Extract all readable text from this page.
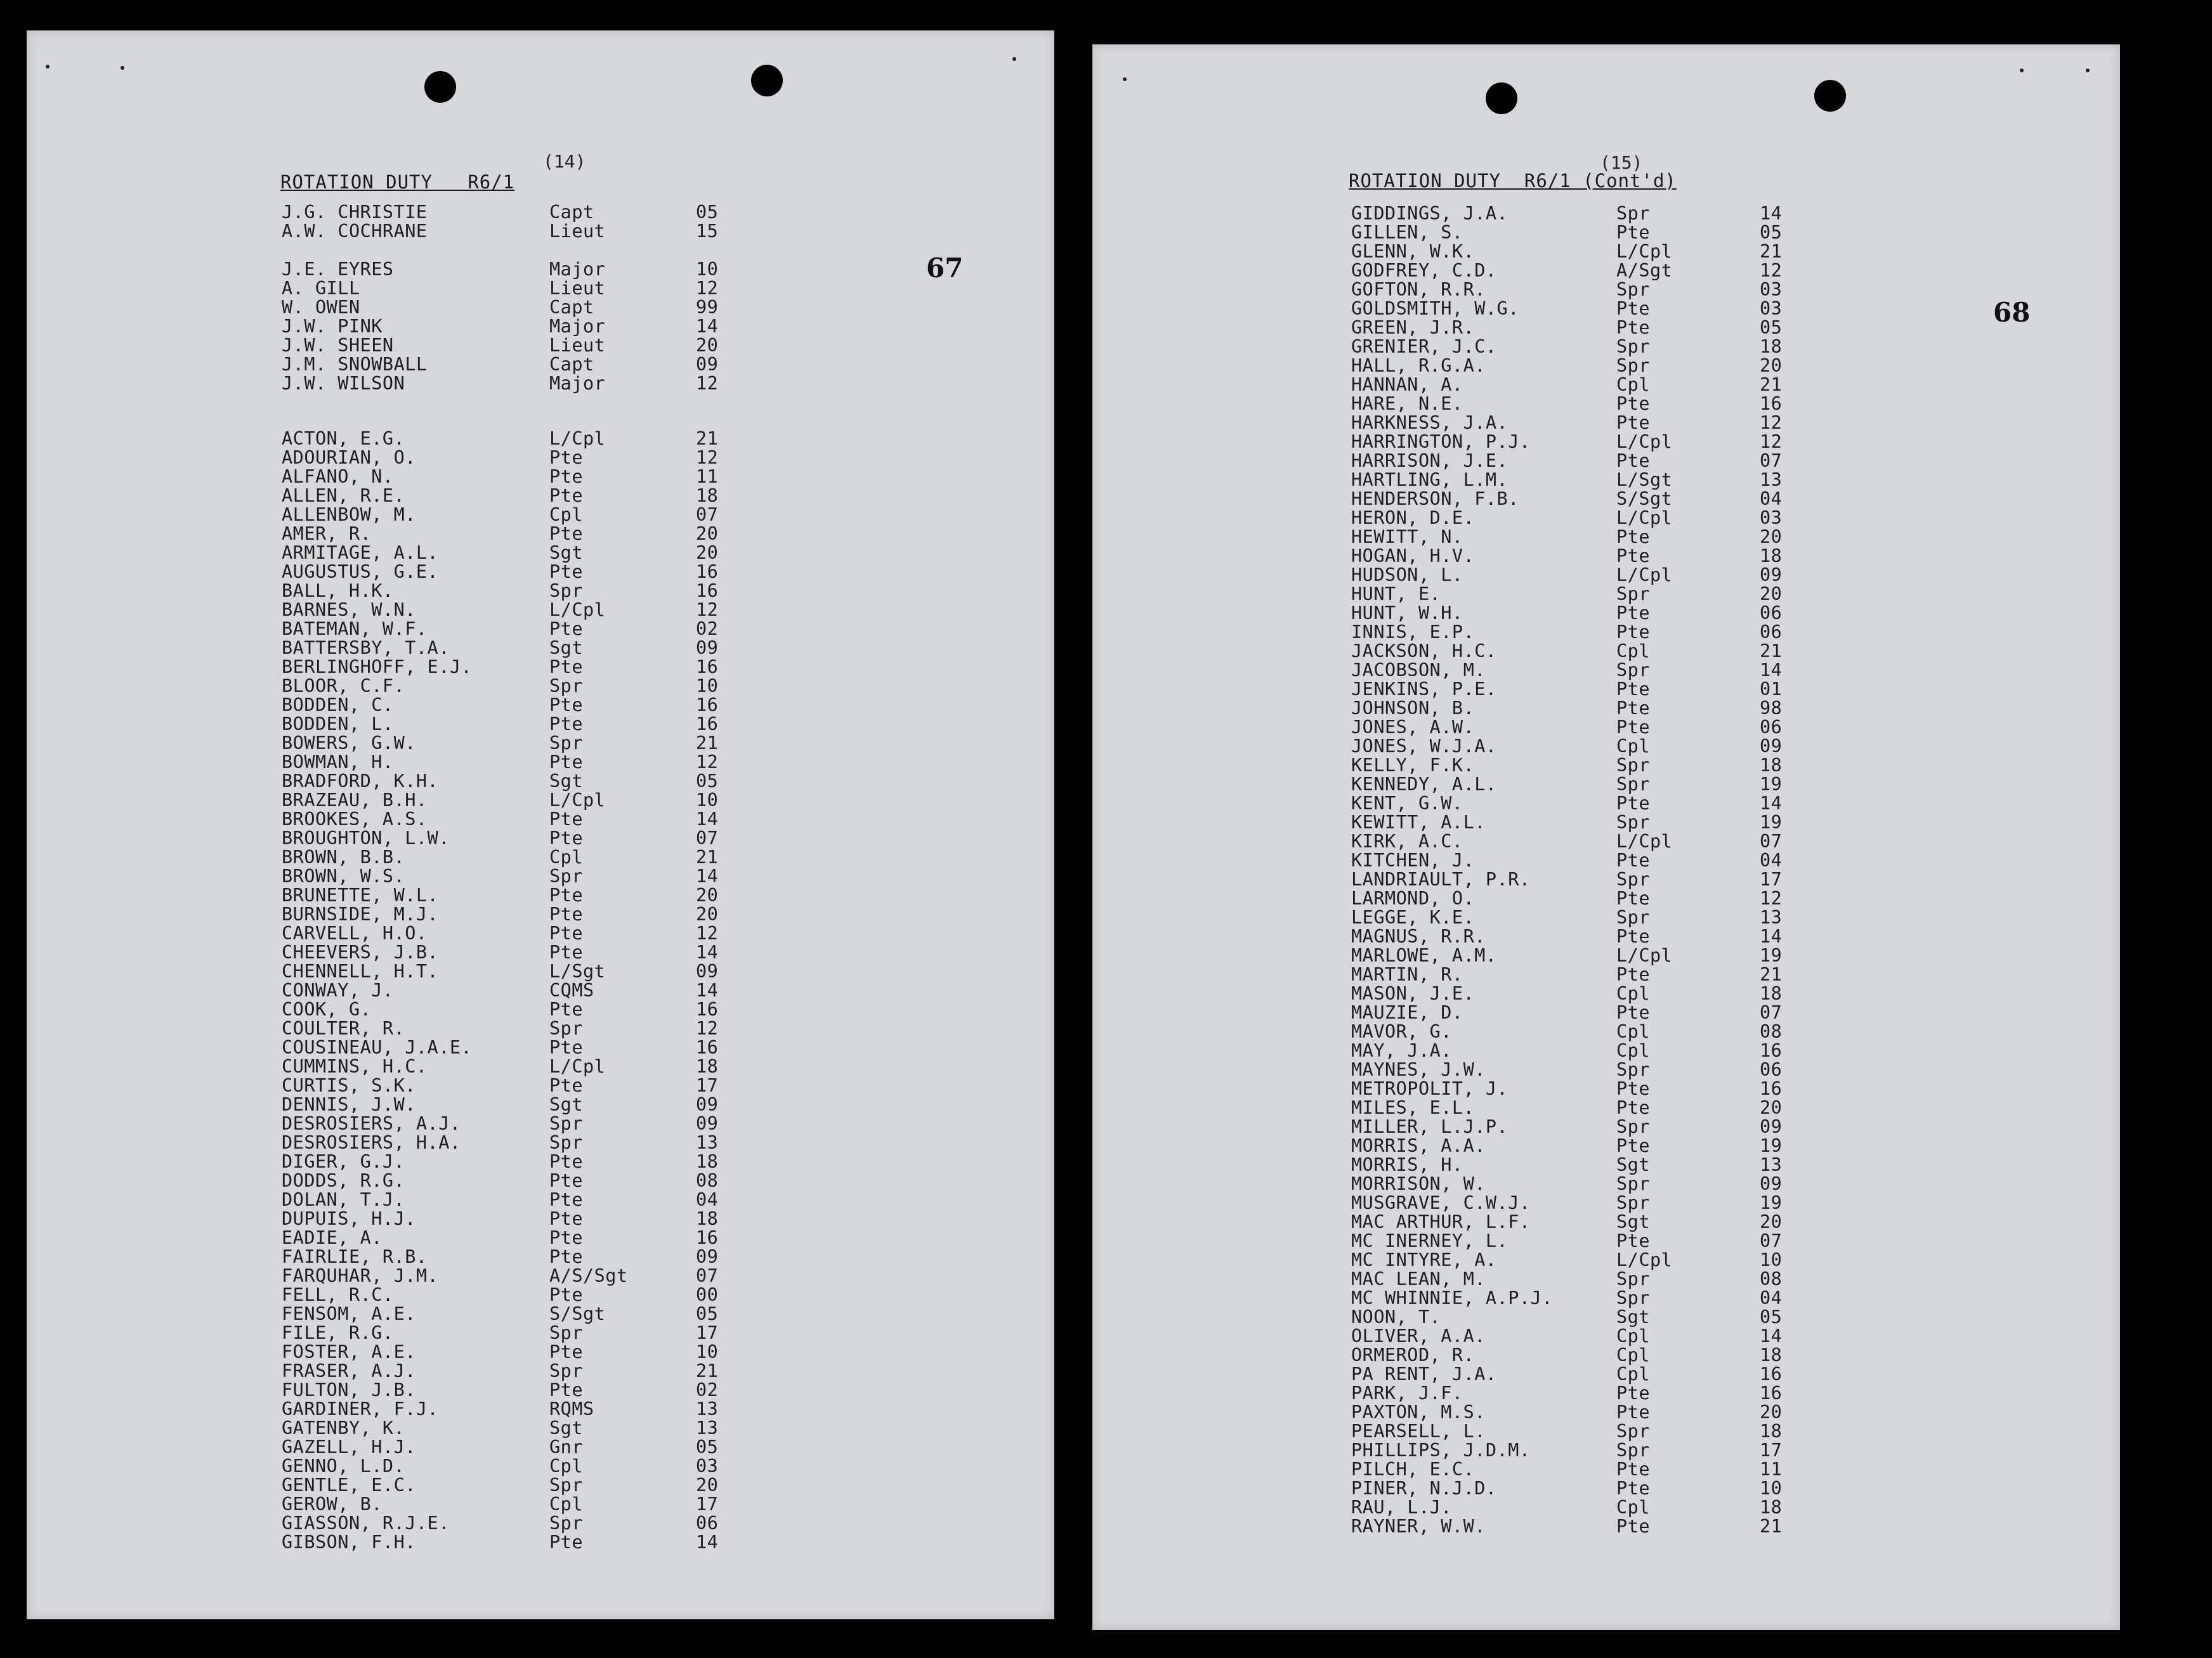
(14)
ROTATION DUTY   R6/1
67
J.G. CHRISTIE	Capt	05
A.W. COCHRANE	Lieut	15
J.E. EYRES	Major	10
A. GILL	Lieut	12
W. OWEN	Capt	99
J.W. PINK	Major	14
J.W. SHEEN	Lieut	20
J.M. SNOWBALL	Capt	09
J.W. WILSON	Major	12
ACTON, E.G.	L/Cpl	21
ADOURIAN, O.	Pte	12
ALFANO, N.	Pte	11
ALLEN, R.E.	Pte	18
ALLENBOW, M.	Cpl	07
AMER, R.	Pte	20
ARMITAGE, A.L.	Sgt	20
AUGUSTUS, G.E.	Pte	16
BALL, H.K.	Spr	16
BARNES, W.N.	L/Cpl	12
BATEMAN, W.F.	Pte	02
BATTERSBY, T.A.	Sgt	09
BERLINGHOFF, E.J.	Pte	16
BLOOR, C.F.	Spr	10
BODDEN, C.	Pte	16
BODDEN, L.	Pte	16
BOWERS, G.W.	Spr	21
BOWMAN, H.	Pte	12
BRADFORD, K.H.	Sgt	05
BRAZEAU, B.H.	L/Cpl	10
BROOKES, A.S.	Pte	14
BROUGHTON, L.W.	Pte	07
BROWN, B.B.	Cpl	21
BROWN, W.S.	Spr	14
BRUNETTE, W.L.	Pte	20
BURNSIDE, M.J.	Pte	20
CARVELL, H.O.	Pte	12
CHEEVERS, J.B.	Pte	14
CHENNELL, H.T.	L/Sgt	09
CONWAY, J.	CQMS	14
COOK, G.	Pte	16
COULTER, R.	Spr	12
COUSINEAU, J.A.E.	Pte	16
CUMMINS, H.C.	L/Cpl	18
CURTIS, S.K.	Pte	17
DENNIS, J.W.	Sgt	09
DESROSIERS, A.J.	Spr	09
DESROSIERS, H.A.	Spr	13
DIGER, G.J.	Pte	18
DODDS, R.G.	Pte	08
DOLAN, T.J.	Pte	04
DUPUIS, H.J.	Pte	18
EADIE, A.	Pte	16
FAIRLIE, R.B.	Pte	09
FARQUHAR, J.M.	A/S/Sgt	07
FELL, R.C.	Pte	00
FENSOM, A.E.	S/Sgt	05
FILE, R.G.	Spr	17
FOSTER, A.E.	Pte	10
FRASER, A.J.	Spr	21
FULTON, J.B.	Pte	02
GARDINER, F.J.	RQMS	13
GATENBY, K.	Sgt	13
GAZELL, H.J.	Gnr	05
GENNO, L.D.	Cpl	03
GENTLE, E.C.	Spr	20
GEROW, B.	Cpl	17
GIASSON, R.J.E.	Spr	06
GIBSON, F.H.	Pte	14
(15)
ROTATION DUTY  R6/1 (Cont'd)
68
GIDDINGS, J.A.	Spr	14
GILLEN, S.	Pte	05
GLENN, W.K.	L/Cpl	21
GODFREY, C.D.	A/Sgt	12
GOFTON, R.R.	Spr	03
GOLDSMITH, W.G.	Pte	03
GREEN, J.R.	Pte	05
GRENIER, J.C.	Spr	18
HALL, R.G.A.	Spr	20
HANNAN, A.	Cpl	21
HARE, N.E.	Pte	16
HARKNESS, J.A.	Pte	12
HARRINGTON, P.J.	L/Cpl	12
HARRISON, J.E.	Pte	07
HARTLING, L.M.	L/Sgt	13
HENDERSON, F.B.	S/Sgt	04
HERON, D.E.	L/Cpl	03
HEWITT, N.	Pte	20
HOGAN, H.V.	Pte	18
HUDSON, L.	L/Cpl	09
HUNT, E.	Spr	20
HUNT, W.H.	Pte	06
INNIS, E.P.	Pte	06
JACKSON, H.C.	Cpl	21
JACOBSON, M.	Spr	14
JENKINS, P.E.	Pte	01
JOHNSON, B.	Pte	98
JONES, A.W.	Pte	06
JONES, W.J.A.	Cpl	09
KELLY, F.K.	Spr	18
KENNEDY, A.L.	Spr	19
KENT, G.W.	Pte	14
KEWITT, A.L.	Spr	19
KIRK, A.C.	L/Cpl	07
KITCHEN, J.	Pte	04
LANDRIAULT, P.R.	Spr	17
LARMOND, O.	Pte	12
LEGGE, K.E.	Spr	13
MAGNUS, R.R.	Pte	14
MARLOWE, A.M.	L/Cpl	19
MARTIN, R.	Pte	21
MASON, J.E.	Cpl	18
MAUZIE, D.	Pte	07
MAVOR, G.	Cpl	08
MAY, J.A.	Cpl	16
MAYNES, J.W.	Spr	06
METROPOLIT, J.	Pte	16
MILES, E.L.	Pte	20
MILLER, L.J.P.	Spr	09
MORRIS, A.A.	Pte	19
MORRIS, H.	Sgt	13
MORRISON, W.	Spr	09
MUSGRAVE, C.W.J.	Spr	19
MAC ARTHUR, L.F.	Sgt	20
MC INERNEY, L.	Pte	07
MC INTYRE, A.	L/Cpl	10
MAC LEAN, M.	Spr	08
MC WHINNIE, A.P.J.	Spr	04
NOON, T.	Sgt	05
OLIVER, A.A.	Cpl	14
ORMEROD, R.	Cpl	18
PA RENT, J.A.	Cpl	16
PARK, J.F.	Pte	16
PAXTON, M.S.	Pte	20
PEARSELL, L.	Spr	18
PHILLIPS, J.D.M.	Spr	17
PILCH, E.C.	Pte	11
PINER, N.J.D.	Pte	10
RAU, L.J.	Cpl	18
RAYNER, W.W.	Pte	21
